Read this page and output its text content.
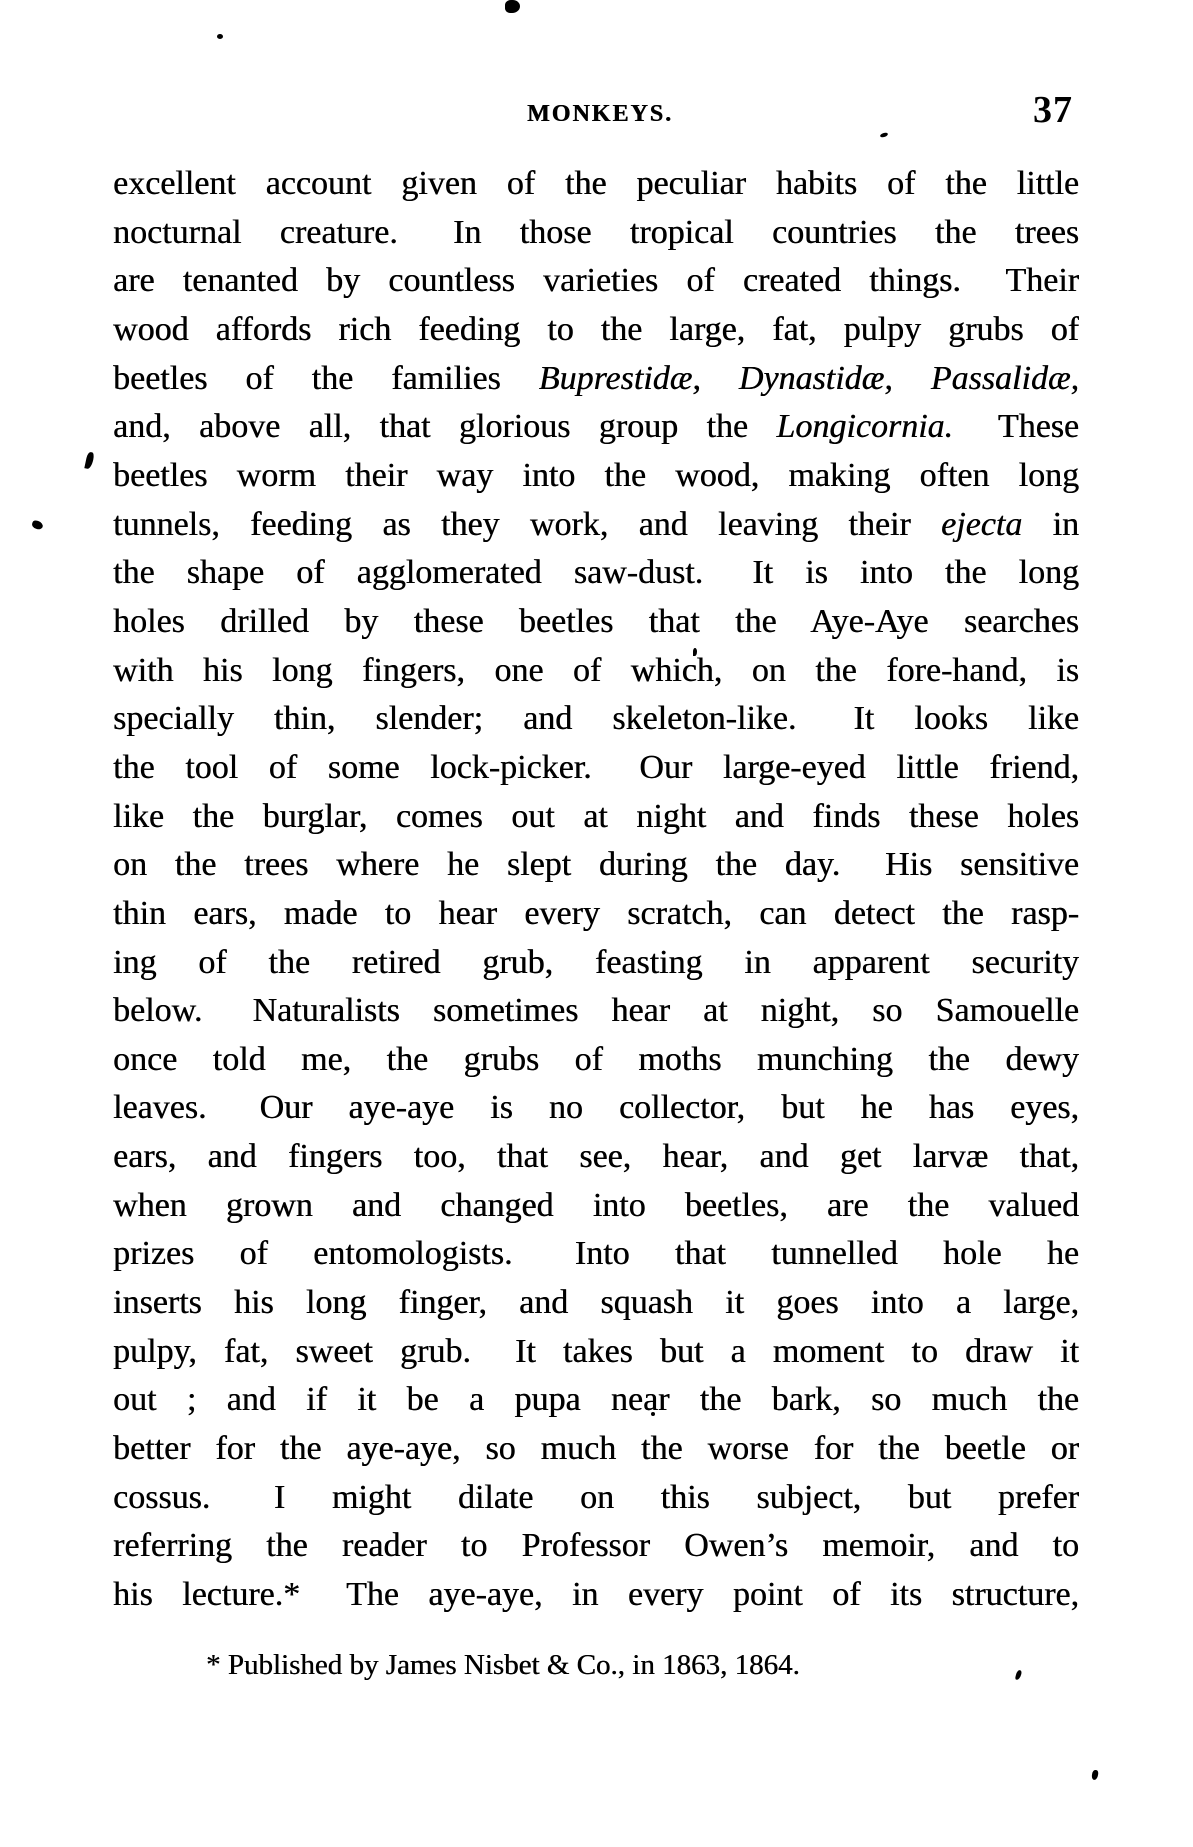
MONKEYS.	37
excellent account given of the peculiar habits of the little
nocturnal creature.  In those tropical countries the trees
are tenanted by countless varieties of created things.  Their
wood affords rich feeding to the large, fat, pulpy grubs of
beetles of the families Buprestidæ, Dynastidæ, Passalidæ,
and, above all, that glorious group the Longicornia.  These
beetles worm their way into the wood, making often long
tunnels, feeding as they work, and leaving their ejecta in
the shape of agglomerated saw-dust.  It is into the long
holes drilled by these beetles that the Aye-Aye searches
with his long fingers, one of which, on the fore-hand, is
specially thin, slender; and skeleton-like.  It looks like
the tool of some lock-picker.  Our large-eyed little friend,
like the burglar, comes out at night and finds these holes
on the trees where he slept during the day.  His sensitive
thin ears, made to hear every scratch, can detect the rasp-
ing of the retired grub, feasting in apparent security
below.  Naturalists sometimes hear at night, so Samouelle
once told me, the grubs of moths munching the dewy
leaves.  Our aye-aye is no collector, but he has eyes,
ears, and fingers too, that see, hear, and get larvæ that,
when grown and changed into beetles, are the valued
prizes of entomologists.  Into that tunnelled hole he
inserts his long finger, and squash it goes into a large,
pulpy, fat, sweet grub.  It takes but a moment to draw it
out ; and if it be a pupa near the bark, so much the
better for the aye-aye, so much the worse for the beetle or
cossus.  I might dilate on this subject, but prefer
referring the reader to Professor Owen’s memoir, and to
his lecture.*  The aye-aye, in every point of its structure,
* Published by James Nisbet & Co., in 1863, 1864.
